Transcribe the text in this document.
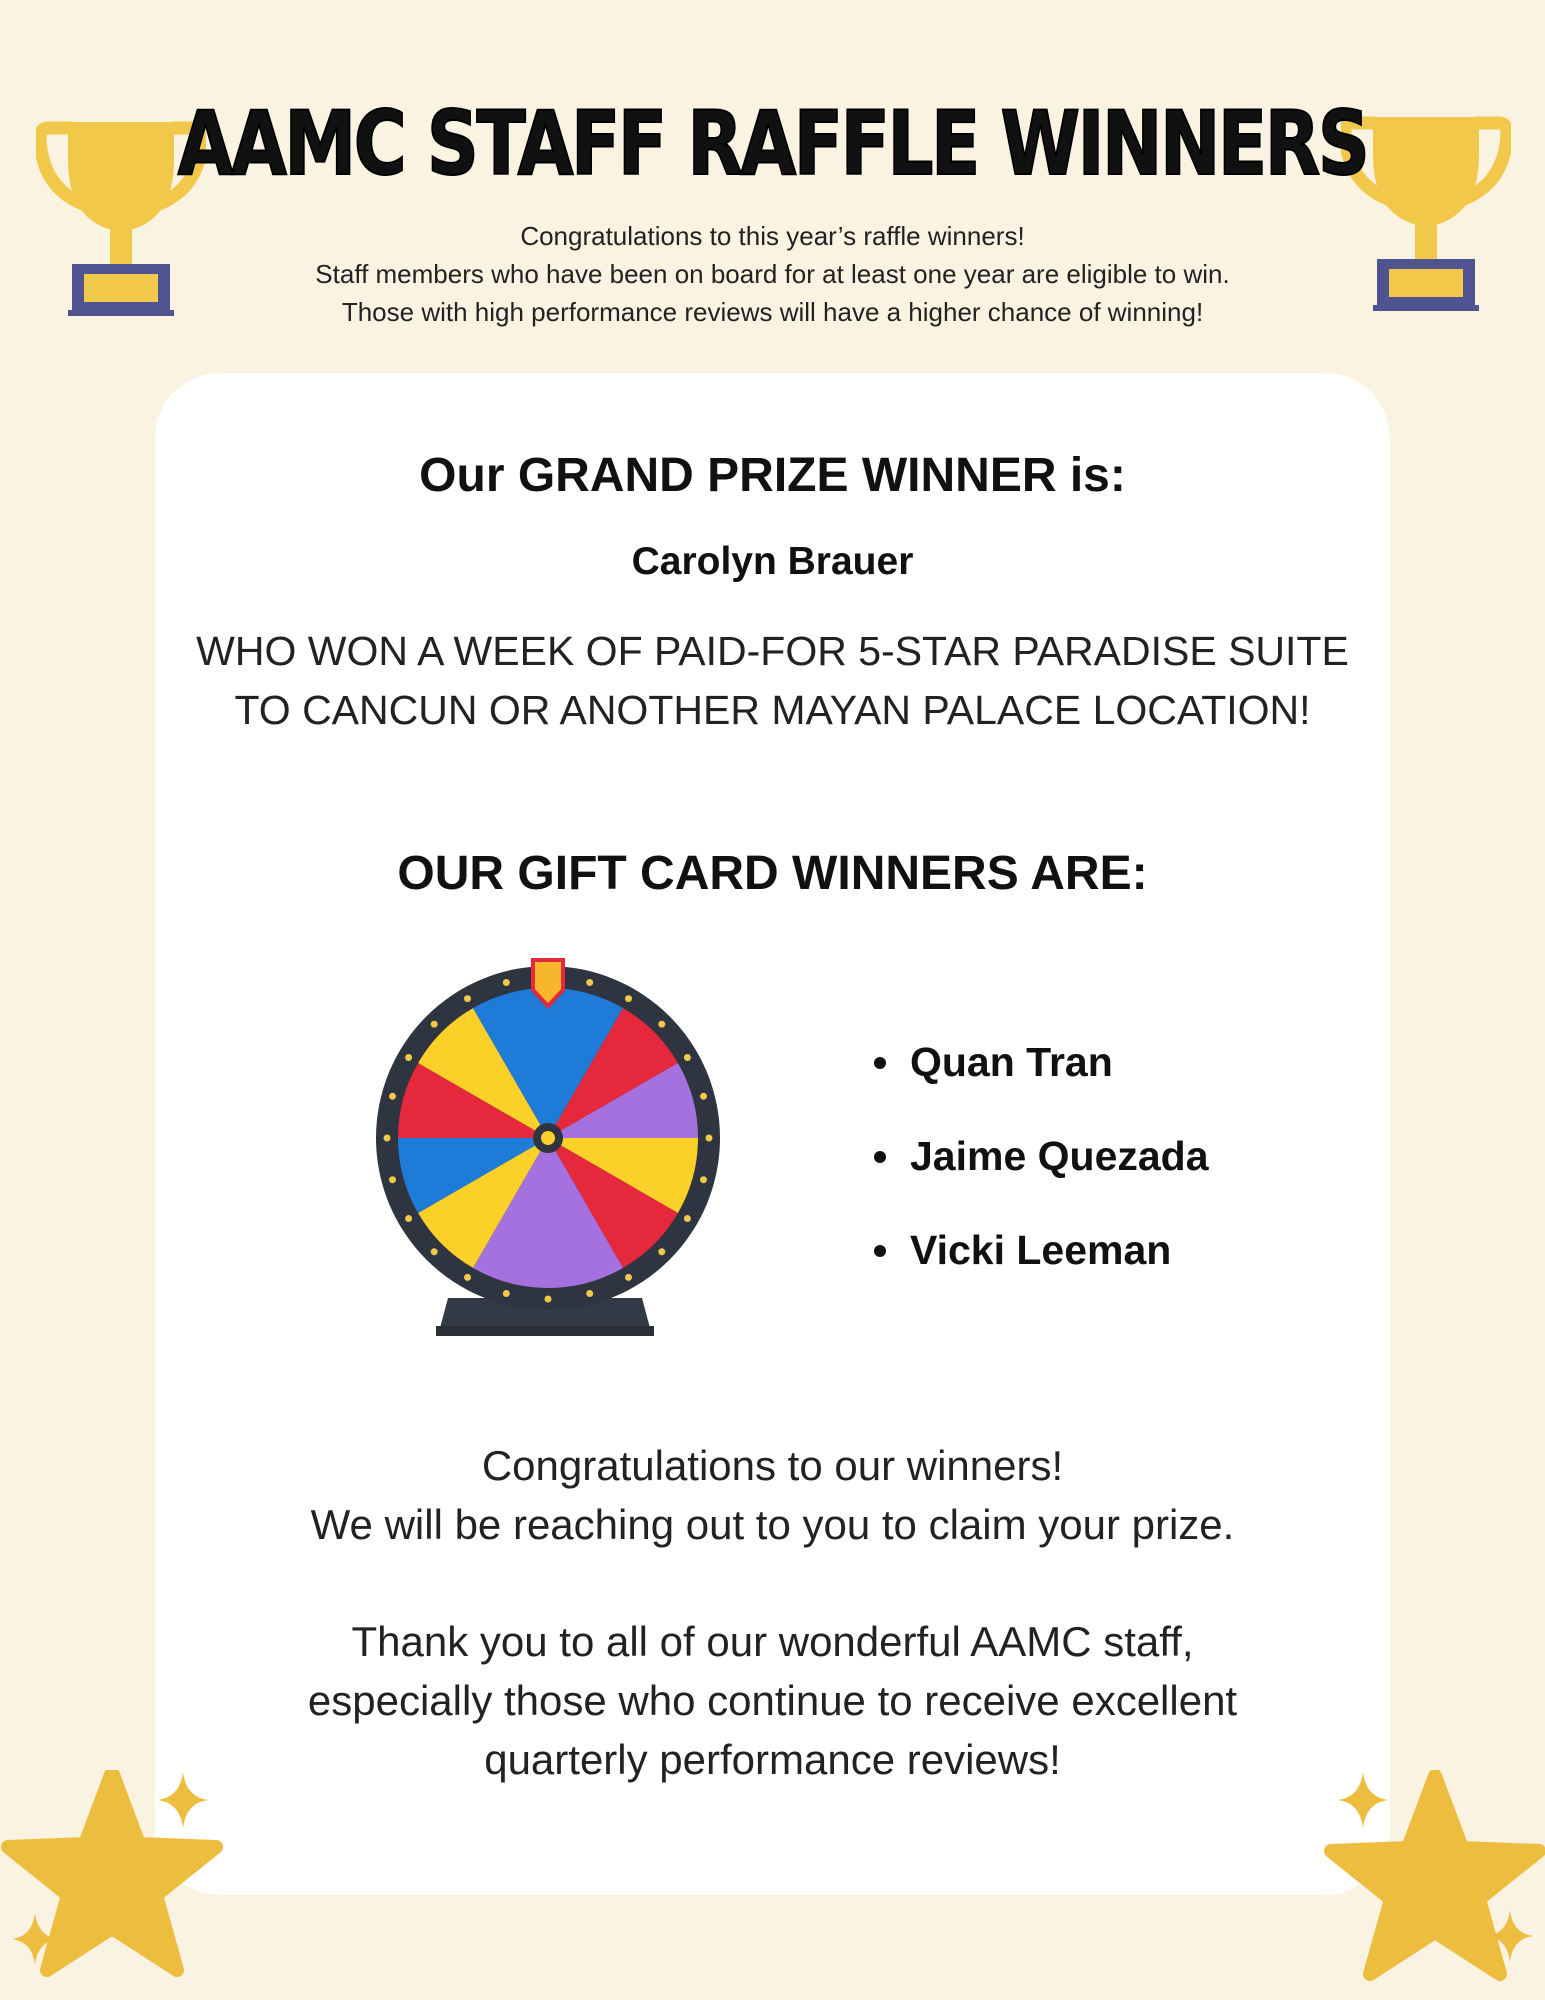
AAMC STAFF RAFFLE WINNERS
Congratulations to this year’s raffle winners!
Staff members who have been on board for at least one year are eligible to win.
Those with high performance reviews will have a higher chance of winning!
Our GRAND PRIZE WINNER is:
Carolyn Brauer
WHO WON A WEEK OF PAID-FOR 5-STAR PARADISE SUITE
TO CANCUN OR ANOTHER MAYAN PALACE LOCATION!
OUR GIFT CARD WINNERS ARE:
Quan Tran
Jaime Quezada
Vicki Leeman
Congratulations to our winners!
We will be reaching out to you to claim your prize.
Thank you to all of our wonderful AAMC staff,
especially those who continue to receive excellent
quarterly performance reviews!
